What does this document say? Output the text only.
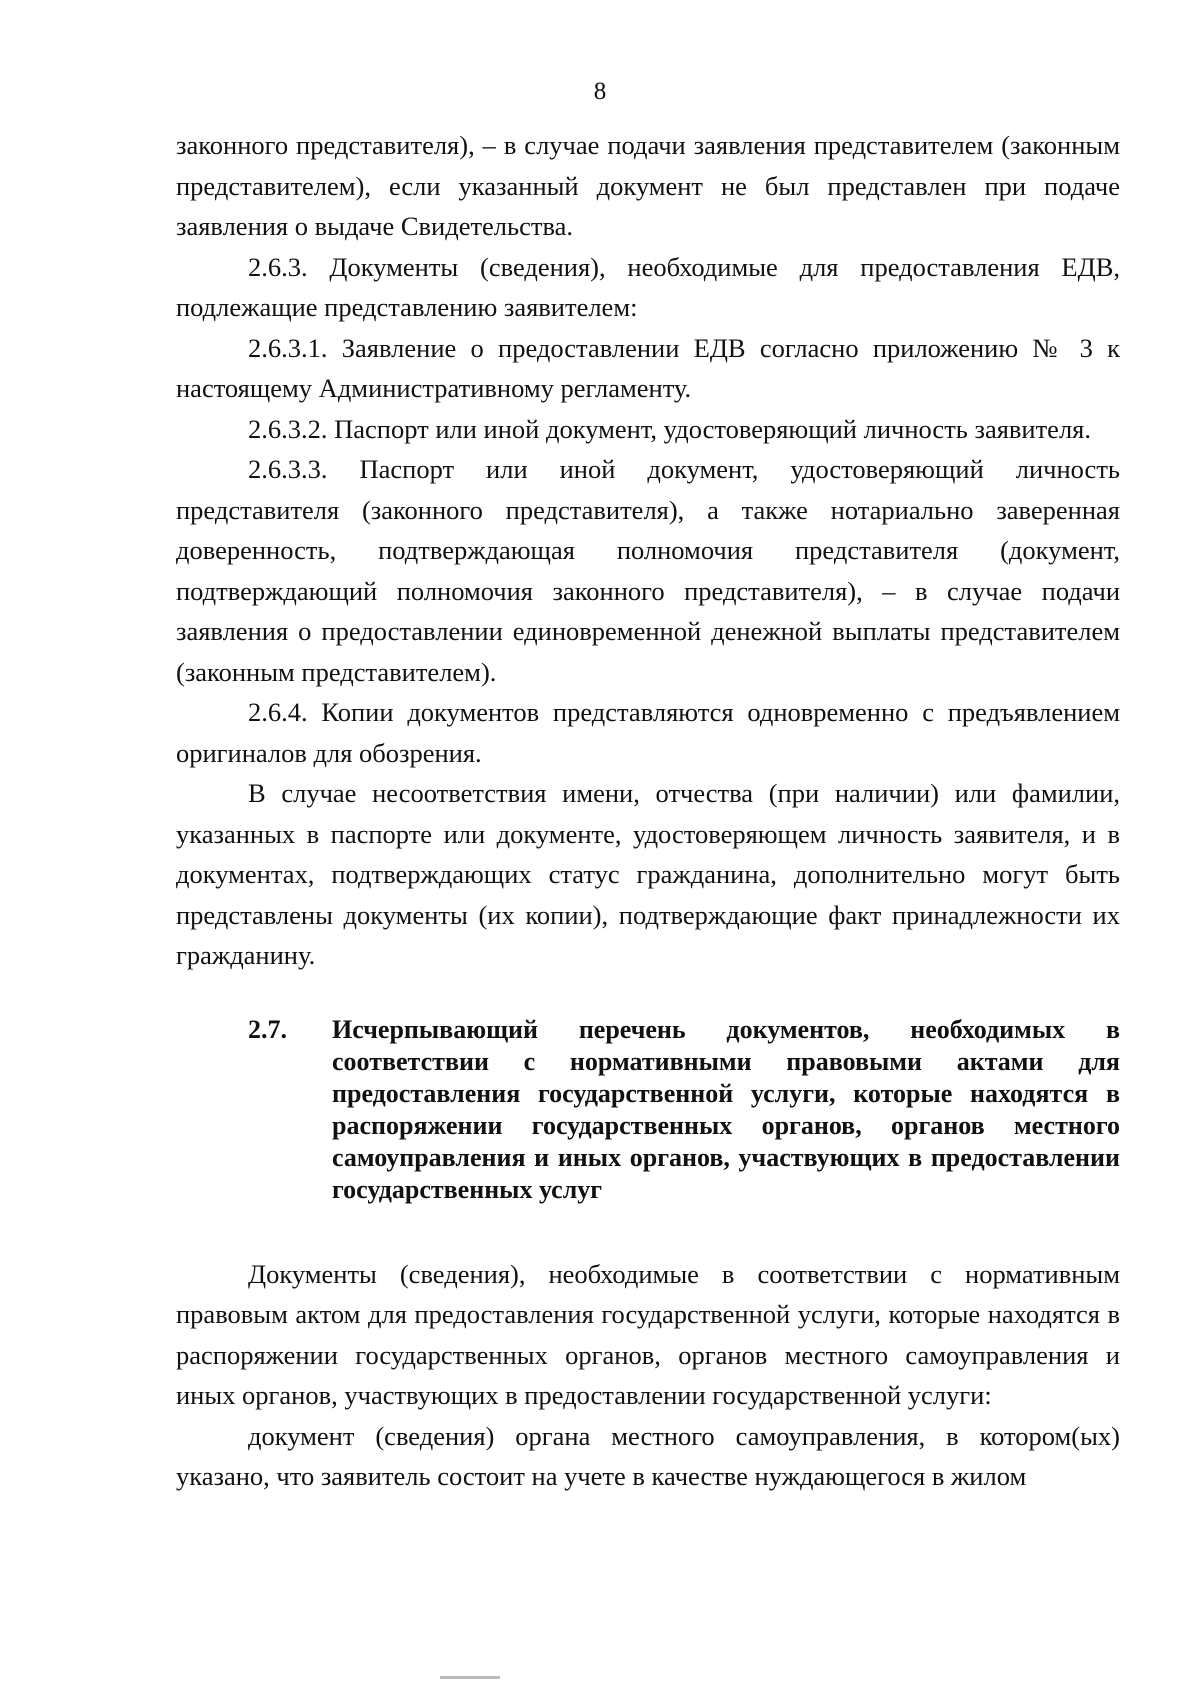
8

законного представителя), – в случае подачи заявления представителем (законным представителем), если указанный документ не был представлен при подаче заявления о выдаче Свидетельства.

2.6.3. Документы (сведения), необходимые для предоставления ЕДВ, подлежащие представлению заявителем:

2.6.3.1. Заявление о предоставлении ЕДВ согласно приложению № 3 к настоящему Административному регламенту.

2.6.3.2. Паспорт или иной документ, удостоверяющий личность заявителя.

2.6.3.3. Паспорт или иной документ, удостоверяющий личность представителя (законного представителя), а также нотариально заверенная доверенность, подтверждающая полномочия представителя (документ, подтверждающий полномочия законного представителя), – в случае подачи заявления о предоставлении единовременной денежной выплаты представителем (законным представителем).

2.6.4. Копии документов представляются одновременно с предъявлением оригиналов для обозрения.

В случае несоответствия имени, отчества (при наличии) или фамилии, указанных в паспорте или документе, удостоверяющем личность заявителя, и в документах, подтверждающих статус гражданина, дополнительно могут быть представлены документы (их копии), подтверждающие факт принадлежности их гражданину.

2.7.	Исчерпывающий перечень документов, необходимых в соответствии с нормативными правовыми актами для предоставления государственной услуги, которые находятся в распоряжении государственных органов, органов местного самоуправления и иных органов, участвующих в предоставлении государственных услуг

Документы (сведения), необходимые в соответствии с нормативным правовым актом для предоставления государственной услуги, которые находятся в распоряжении государственных органов, органов местного самоуправления и иных органов, участвующих в предоставлении государственной услуги:

документ (сведения) органа местного самоуправления, в котором(ых) указано, что заявитель состоит на учете в качестве нуждающегося в жилом
